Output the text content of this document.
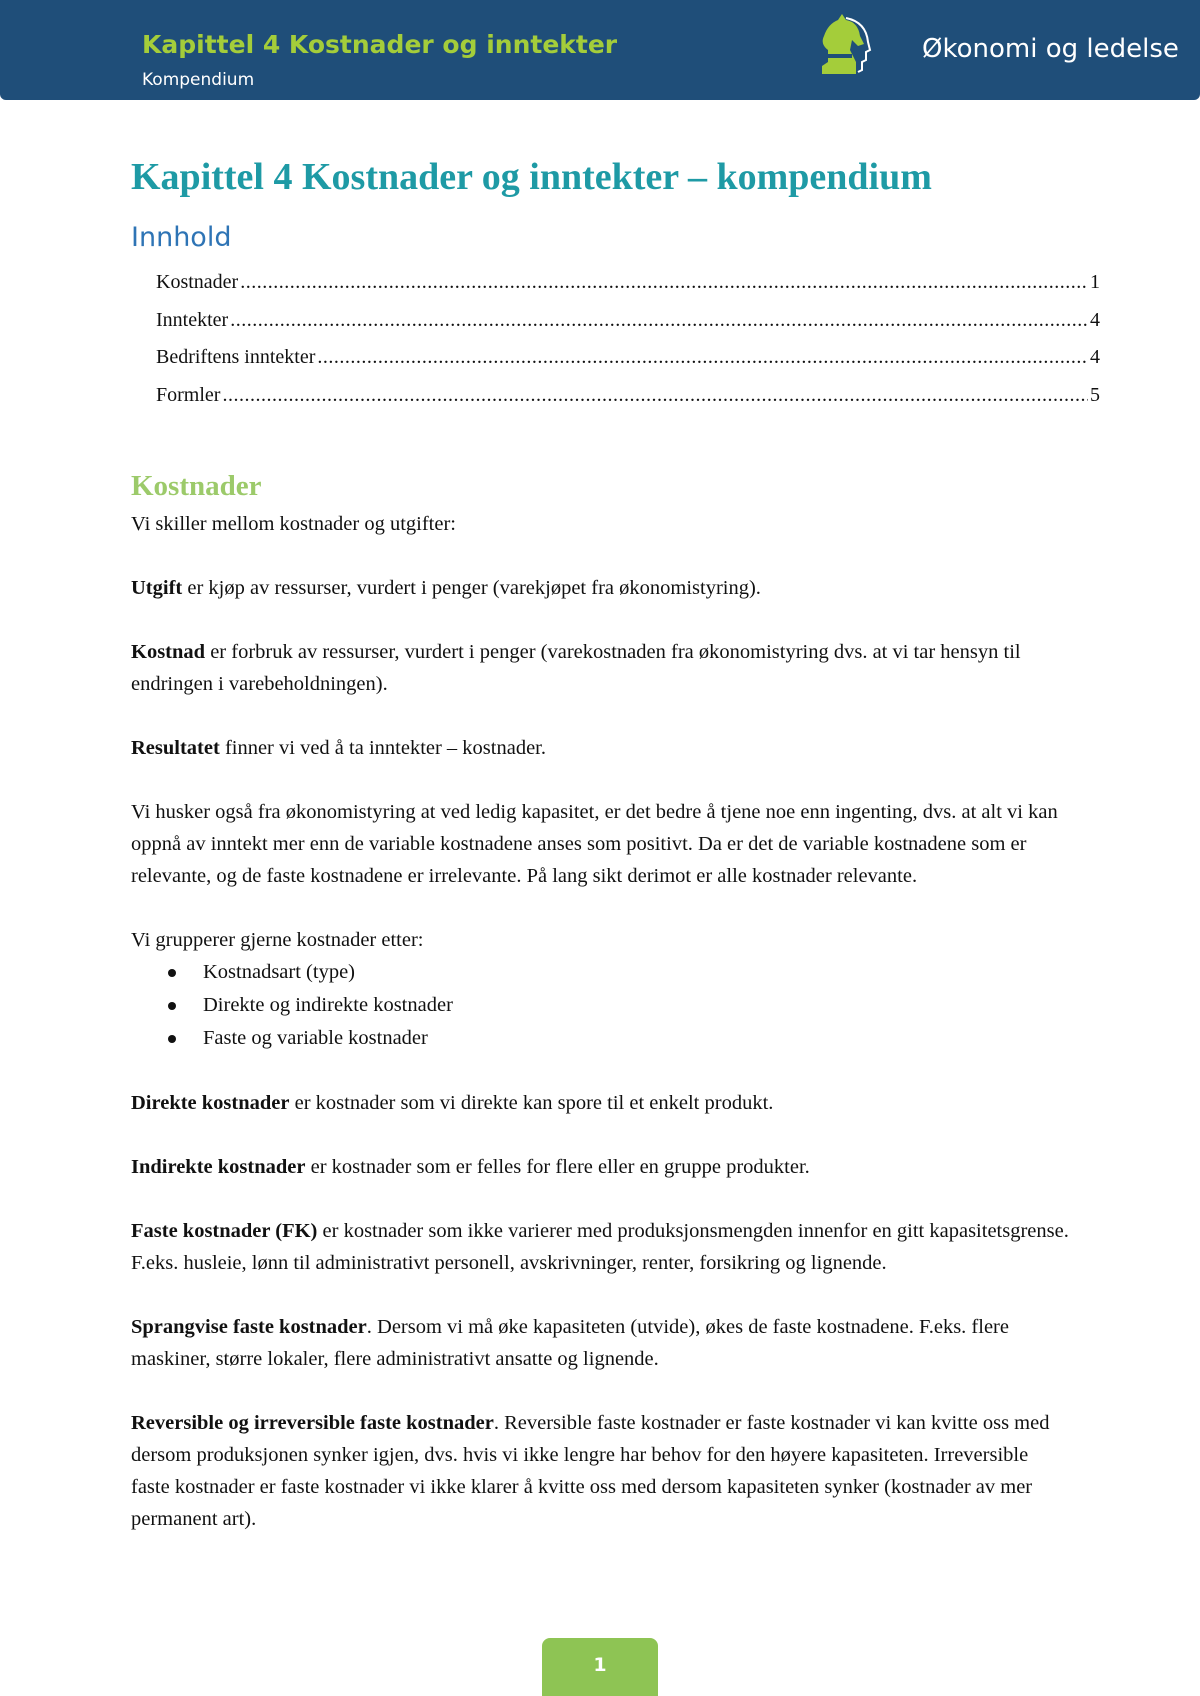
Kapittel 4 Kostnader og inntekter
Kompendium
Økonomi og ledelse
Kapittel 4 Kostnader og inntekter – kompendium
Innhold
Kostnader .....	1
Inntekter .....	4
Bedriftens inntekter .....	4
Formler .....	5
Kostnader

Vi skiller mellom kostnader og utgifter:

Utgift er kjøp av ressurser, vurdert i penger (varekjøpet fra økonomistyring).

Kostnad er forbruk av ressurser, vurdert i penger (varekostnaden fra økonomistyring dvs. at vi tar hensyn til endringen i varebeholdningen).

Resultatet finner vi ved å ta inntekter – kostnader.

Vi husker også fra økonomistyring at ved ledig kapasitet, er det bedre å tjene noe enn ingenting, dvs. at alt vi kan oppnå av inntekt mer enn de variable kostnadene anses som positivt. Da er det de variable kostnadene som er relevante, og de faste kostnadene er irrelevante. På lang sikt derimot er alle kostnader relevante.

Vi grupperer gjerne kostnader etter:

Kostnadsart (type)
Direkte og indirekte kostnader
Faste og variable kostnader

Direkte kostnader er kostnader som vi direkte kan spore til et enkelt produkt.

Indirekte kostnader er kostnader som er felles for flere eller en gruppe produkter.

Faste kostnader (FK) er kostnader som ikke varierer med produksjonsmengden innenfor en gitt kapasitetsgrense. F.eks. husleie, lønn til administrativt personell, avskrivninger, renter, forsikring og lignende.

Sprangvise faste kostnader. Dersom vi må øke kapasiteten (utvide), økes de faste kostnadene. F.eks. flere maskiner, større lokaler, flere administrativt ansatte og lignende.

Reversible og irreversible faste kostnader. Reversible faste kostnader er faste kostnader vi kan kvitte oss med dersom produksjonen synker igjen, dvs. hvis vi ikke lengre har behov for den høyere kapasiteten. Irreversible faste kostnader er faste kostnader vi ikke klarer å kvitte oss med dersom kapasiteten synker (kostnader av mer permanent art).

1
